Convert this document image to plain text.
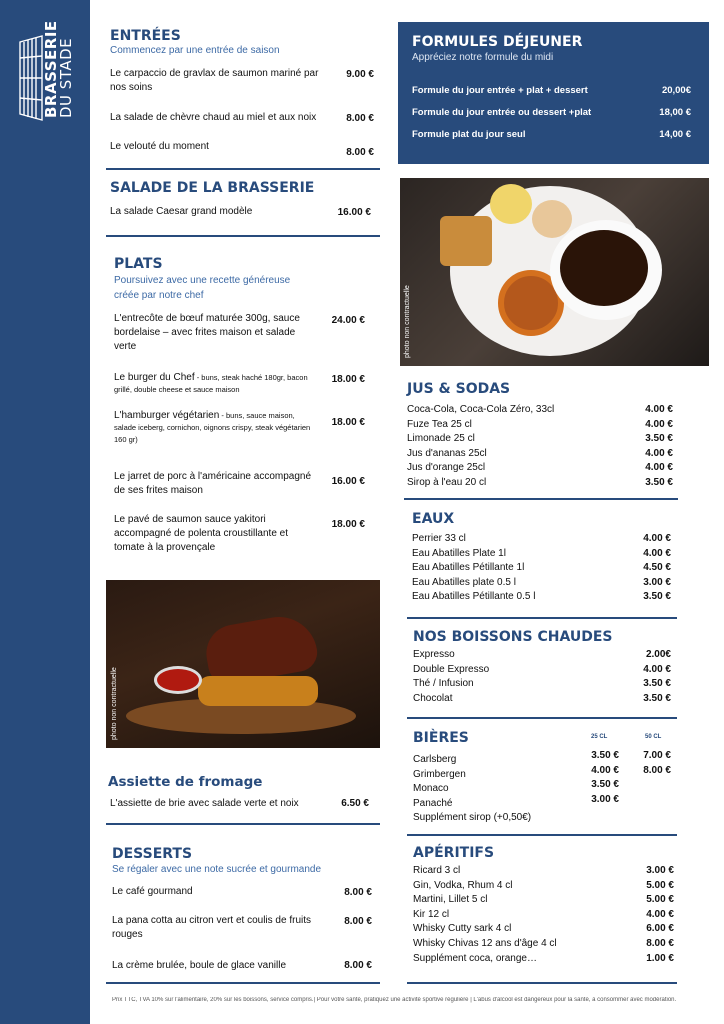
BRASSERIE
DU STADE
ENTRÉES
Commencez par une entrée de saison
Le carpaccio de gravlax de saumon mariné par nos soins
9.00 €
La salade de chèvre chaud au miel et aux noix	8.00 €
Le velouté du moment
8.00 €
SALADE DE LA BRASSERIE
La salade Caesar grand modèle	16.00 €
PLATS
Poursuivez avec une recette généreuse
créée par notre chef
L'entrecôte de bœuf maturée 300g, sauce bordelaise – avec frites maison et salade verte
24.00 €
Le burger du Chef - buns, steak haché 180gr, bacon grillé, double cheese et sauce maison
18.00 €
L'hamburger végétarien - buns, sauce maison, salade iceberg, cornichon, oignons crispy, steak végétarien 160 gr)
18.00 €
Le jarret de porc à l'américaine accompagné de ses frites maison
16.00 €
Le pavé de saumon sauce yakitori accompagné de polenta croustillante et tomate à la provençale
18.00 €
photo non contractuelle
Assiette de fromage
L'assiette de brie avec salade verte et noix	6.50 €
DESSERTS
Se régaler avec une note sucrée et gourmande
Le café gourmand	8.00 €
La pana cotta au citron vert et coulis de fruits rouges
8.00 €
La crème brulée, boule de glace vanille	8.00 €
FORMULES DÉJEUNER
Appréciez notre formule du midi
Formule du jour entrée + plat + dessert	20,00€
Formule du jour entrée ou dessert +plat	18,00 €
Formule plat du jour seul	14,00 €
photo non contractuelle
JUS & SODAS
Coca-Cola, Coca-Cola Zéro, 33cl	4.00 €
Fuze Tea 25 cl	4.00 €
Limonade 25 cl	3.50 €
Jus d'ananas 25cl	4.00 €
Jus d'orange 25cl	4.00 €
Sirop à l'eau 20 cl	3.50 €
EAUX
Perrier 33 cl	4.00 €
Eau Abatilles Plate 1l	4.00 €
Eau Abatilles Pétillante 1l	4.50 €
Eau Abatilles plate 0.5 l	3.00 €
Eau Abatilles Pétillante 0.5 l	3.50 €
NOS BOISSONS CHAUDES
Expresso	2.00€
Double Expresso	4.00 €
Thé / Infusion	3.50 €
Chocolat	3.50 €
BIÈRES	25 CL	50 CL
Carlsberg	3.50 €	7.00 €
Grimbergen	4.00 €	8.00 €
Monaco	3.50 €
Panaché	3.00 €
Supplément sirop (+0,50€)
APÉRITIFS
Ricard 3 cl	3.00 €
Gin, Vodka, Rhum 4 cl	5.00 €
Martini, Lillet 5 cl	5.00 €
Kir 12 cl	4.00 €
Whisky Cutty sark 4 cl	6.00 €
Whisky Chivas 12 ans d'âge 4 cl	8.00 €
Supplément coca, orange…	1.00 €
Prix TTC, TVA 10% sur l'alimentaire, 20% sur les boissons, service compris.| Pour votre santé, pratiquez une activité sportive régulière | L'abus d'alcool est dangereux pour la santé, à consommer avec modération.
